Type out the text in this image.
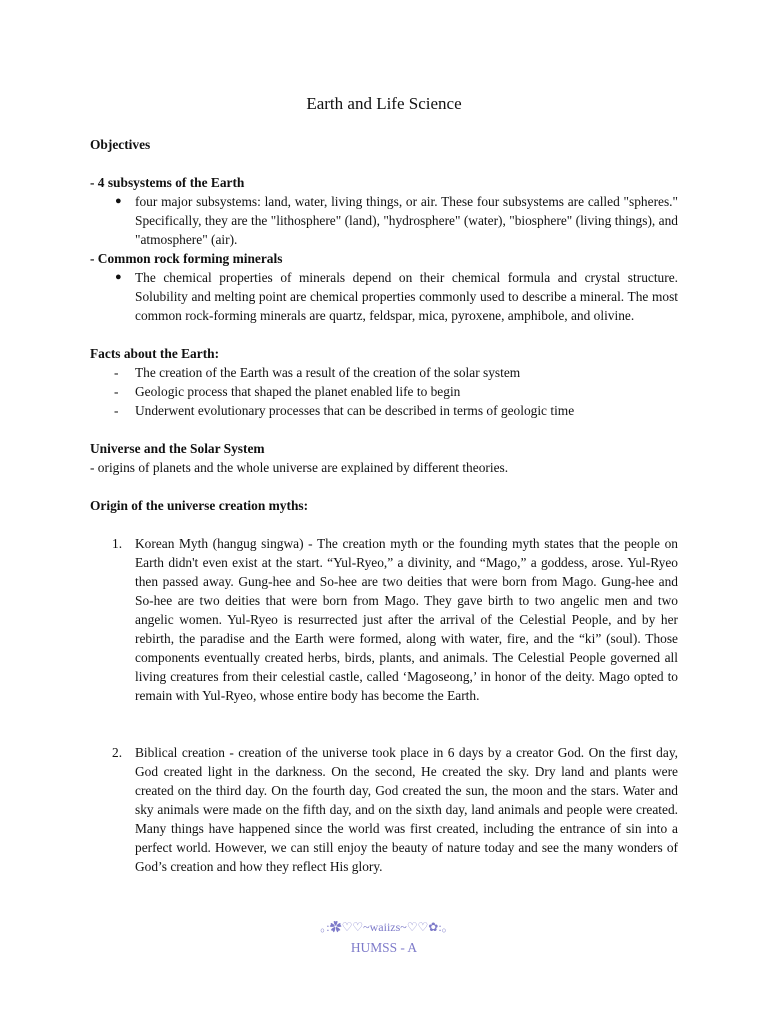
Earth and Life Science

Objectives

- 4 subsystems of the Earth

● four major subsystems: land, water, living things, or air. These four subsystems are called "spheres." Specifically, they are the "lithosphere" (land), "hydrosphere" (water), "biosphere" (living things), and "atmosphere" (air).

- Common rock forming minerals

● The chemical properties of minerals depend on their chemical formula and crystal structure. Solubility and melting point are chemical properties commonly used to describe a mineral. The most common rock-forming minerals are quartz, feldspar, mica, pyroxene, amphibole, and olivine.

Facts about the Earth:

- The creation of the Earth was a result of the creation of the solar system
- Geologic process that shaped the planet enabled life to begin
- Underwent evolutionary processes that can be described in terms of geologic time

Universe and the Solar System

- origins of planets and the whole universe are explained by different theories.

Origin of the universe creation myths:

1. Korean Myth (hangug singwa) - The creation myth or the founding myth states that the people on Earth didn't even exist at the start. “Yul-Ryeo,” a divinity, and “Mago,” a goddess, arose. Yul-Ryeo then passed away. Gung-hee and So-hee are two deities that were born from Mago. Gung-hee and So-hee are two deities that were born from Mago. They gave birth to two angelic men and two angelic women. Yul-Ryeo is resurrected just after the arrival of the Celestial People, and by her rebirth, the paradise and the Earth were formed, along with water, fire, and the “ki” (soul). Those components eventually created herbs, birds, plants, and animals. The Celestial People governed all living creatures from their celestial castle, called ‘Magoseong,’ in honor of the deity. Mago opted to remain with Yul-Ryeo, whose entire body has become the Earth.
2. Biblical creation - creation of the universe took place in 6 days by a creator God. On the first day, God created light in the darkness. On the second, He created the sky. Dry land and plants were created on the third day. On the fourth day, God created the sun, the moon and the stars. Water and sky animals were made on the fifth day, and on the sixth day, land animals and people were created. Many things have happened since the world was first created, including the entrance of sin into a perfect world. However, we can still enjoy the beauty of nature today and see the many wonders of God’s creation and how they reflect His glory.
｡:✿♡♡~waiizs~♡♡✿:｡
HUMSS - A
